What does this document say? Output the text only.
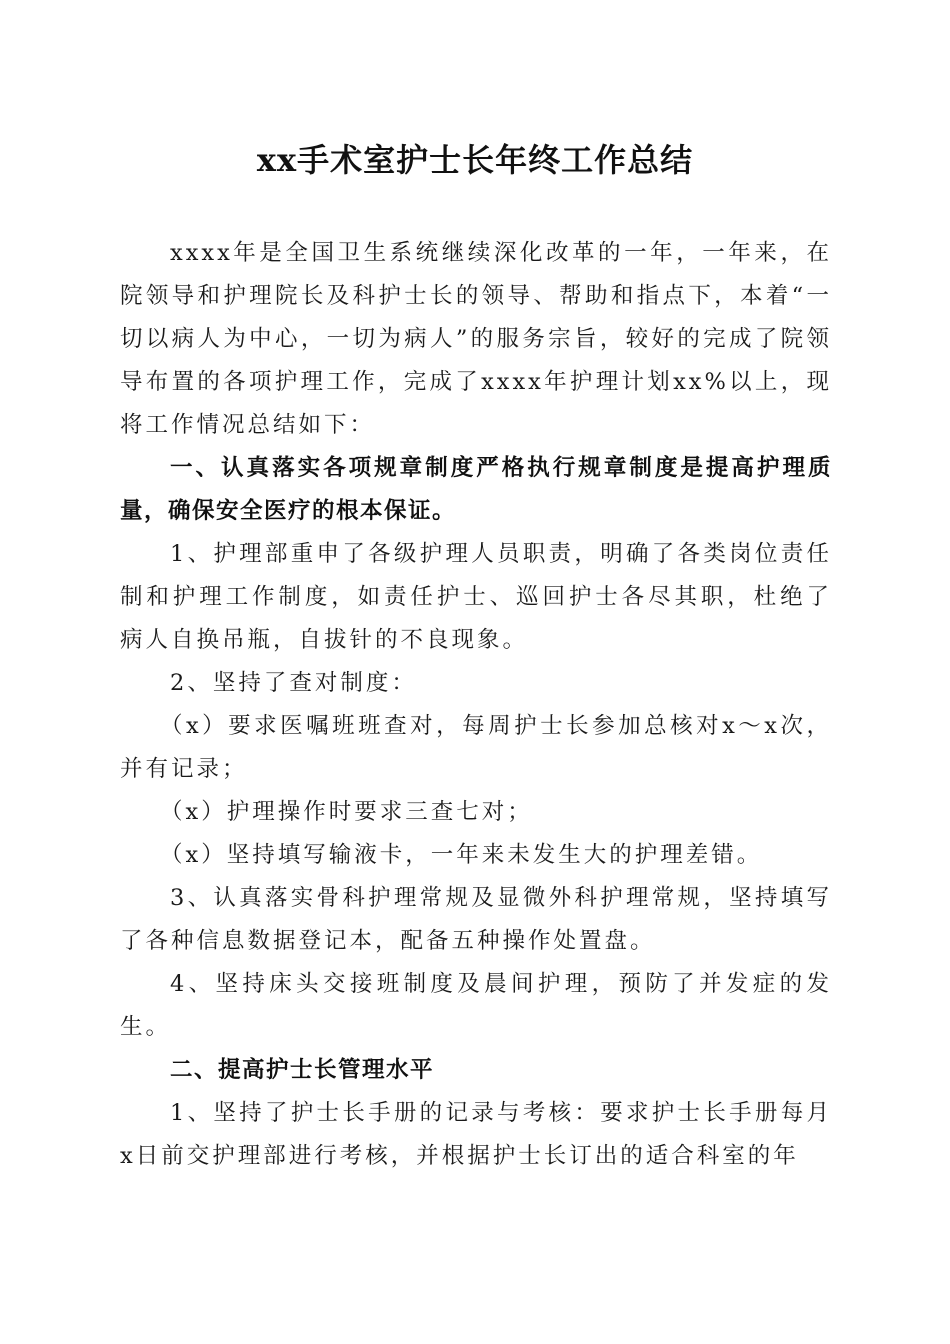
xx手术室护士长年终工作总结

xxxx年是全国卫生系统继续深化改革的一年，一年来，在院领导和护理院长及科护士长的领导、帮助和指点下，本着“一切以病人为中心，一切为病人”的服务宗旨，较好的完成了院领导布置的各项护理工作，完成了xxxx年护理计划xx%以上，现将工作情况总结如下：

一、认真落实各项规章制度严格执行规章制度是提高护理质量，确保安全医疗的根本保证。

1、护理部重申了各级护理人员职责，明确了各类岗位责任制和护理工作制度，如责任护士、巡回护士各尽其职，杜绝了病人自换吊瓶，自拔针的不良现象。

2、坚持了查对制度：

（x）要求医嘱班班查对，每周护士长参加总核对x～x次，并有记录；

（x）护理操作时要求三查七对；

（x）坚持填写输液卡，一年来未发生大的护理差错。

3、认真落实骨科护理常规及显微外科护理常规，坚持填写了各种信息数据登记本，配备五种操作处置盘。

4、坚持床头交接班制度及晨间护理，预防了并发症的发生。

二、提高护士长管理水平

1、坚持了护士长手册的记录与考核：要求护士长手册每月x日前交护理部进行考核，并根据护士长订出的适合科室的年
